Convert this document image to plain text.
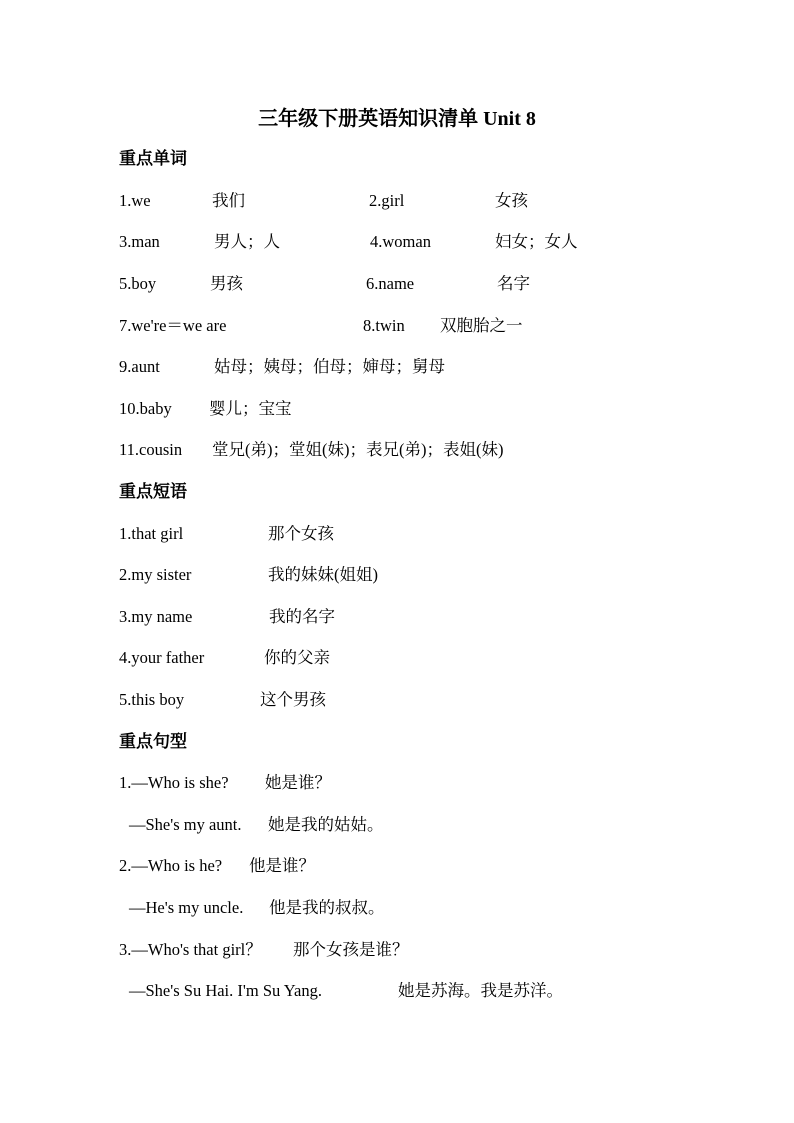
三年级下册英语知识清单 Unit 8
重点单词
1.we	我们	2.girl	女孩
3.man	男人；人	4.woman	妇女；女人
5.boy	男孩	6.name	名字
7.we're＝we are	8.twin 双胞胎之一
9.aunt	姑母；姨母；伯母；婶母；舅母
10.baby 婴儿；宝宝
11.cousin 堂兄(弟)；堂姐(妹)；表兄(弟)；表姐(妹)
重点短语
1.that girl	那个女孩
2.my sister	我的妹妹(姐姐)
3.my name	我的名字
4.your father	你的父亲
5.this boy	这个男孩
重点句型
1.—Who is she? 她是谁？
—She's my aunt. 她是我的姑姑。
2.—Who is he? 他是谁？
—He's my uncle. 他是我的叔叔。
3.—Who's that girl？ 那个女孩是谁？
—She's Su Hai. I'm Su Yang.	她是苏海。我是苏洋。
